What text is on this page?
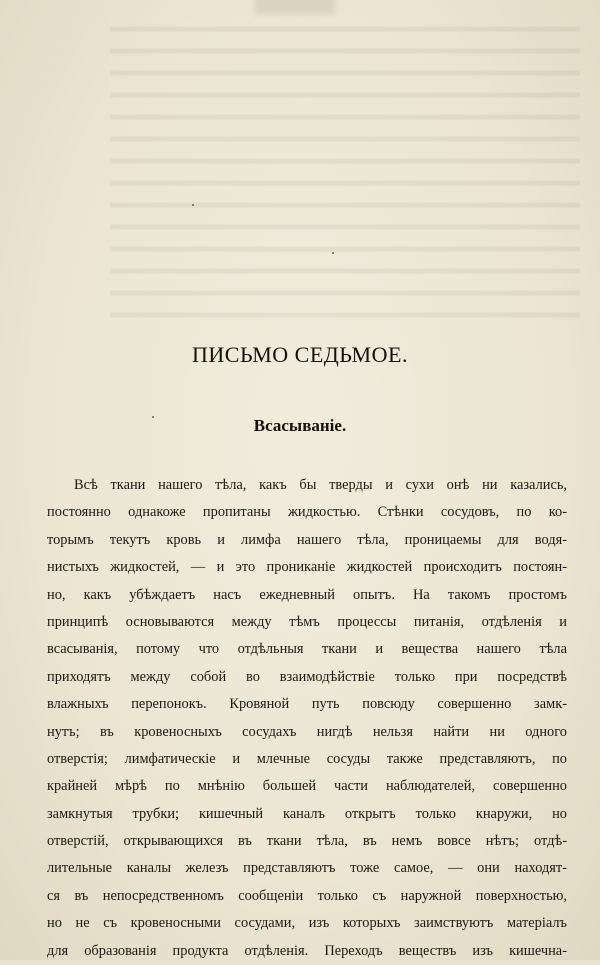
ПИСЬМО СЕДЬМОЕ.
Всасываніе.
Всѣ ткани нашего тѣла, какъ бы тверды и сухи онѣ ни казались,
постоянно однакоже пропитаны жидкостью. Стѣнки сосудовъ, по ко-
торымъ текутъ кровь и лимфа нашего тѣла, проницаемы для водя-
нистыхъ жидкостей, — и это прониканіе жидкостей происходитъ постоян-
но, какъ убѣждаетъ насъ ежедневный опытъ. На такомъ простомъ
принципѣ основываются между тѣмъ процессы питанія, отдѣленія и
всасыванія, потому что отдѣльныя ткани и вещества нашего тѣла
приходятъ между собой во взаимодѣйствіе только при посредствѣ
влажныхъ перепонокъ. Кровяной путь повсюду совершенно замк-
нутъ; въ кровеносныхъ сосудахъ нигдѣ нельзя найти ни одного
отверстія; лимфатическіе и млечные сосуды также представляютъ, по
крайней мѣрѣ по мнѣнію большей части наблюдателей, совершенно
замкнутыя трубки; кишечный каналъ открытъ только кнаружи, но
отверстій, открывающихся въ ткани тѣла, въ немъ вовсе нѣтъ; отдѣ-
лительные каналы железъ представляютъ тоже самое, — они находят-
ся въ непосредственномъ сообщеніи только съ наружной поверхностью,
но не съ кровеносными сосудами, изъ которыхъ заимствуютъ матеріалъ
для образованія продукта отдѣленія. Переходъ веществъ изъ кишечна-
